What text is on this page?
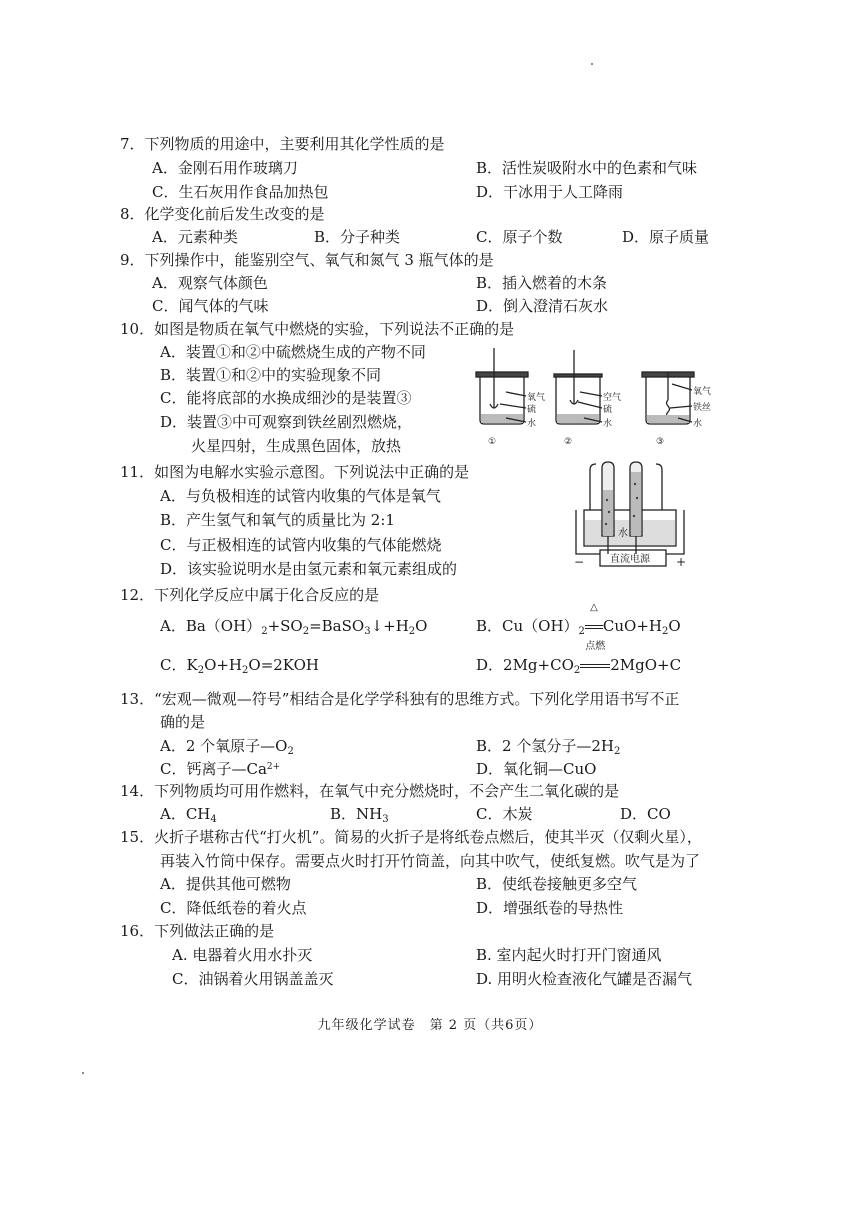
7．下列物质的用途中，主要利用其化学性质的是
A．金刚石用作玻璃刀	B．活性炭吸附水中的色素和气味
C．生石灰用作食品加热包	D．干冰用于人工降雨
8．化学变化前后发生改变的是
A．元素种类	B．分子种类	C．原子个数	D．原子质量
9．下列操作中，能鉴别空气、氧气和氮气 3 瓶气体的是
A．观察气体颜色	B．插入燃着的木条
C．闻气体的气味	D．倒入澄清石灰水
10．如图是物质在氧气中燃烧的实验，下列说法不正确的是
A．装置①和②中硫燃烧生成的产物不同
B．装置①和②中的实验现象不同
C．能将底部的水换成细沙的是装置③
D．装置③中可观察到铁丝剧烈燃烧，
火星四射，生成黑色固体，放热
氧气
硫
水
空气
硫
水
氧气
铁丝
水
①	②	③
11．如图为电解水实验示意图。下列说法中正确的是
A．与负极相连的试管内收集的气体是氧气
B．产生氢气和氧气的质量比为 2:1
C．与正极相连的试管内收集的气体能燃烧
D．该实验说明水是由氢元素和氧元素组成的
水
直流电源
−	+
12．下列化学反应中属于化合反应的是
A．$Ba(OH)_2+SO_2=BaSO_3↓+H_2O$	B．$Cu(OH)_2$
△
$CuO+H_2O$
C．$K_2O+H_2O=2KOH$	D．$2Mg+CO_2$
点燃
2MgO+C
13．“宏观—微观—符号”相结合是化学学科独有的思维方式。下列化学用语书写不正
确的是
A．2 个氧原子$—O_2$	B．2 个氢分子$—2H_2$
C．钙离子$—Ca^{2+}$	D．氧化铜—CuO
14．下列物质均可用作燃料，在氧气中充分燃烧时，不会产生二氧化碳的是
A．$CH_4$	B．$NH_3$	C．木炭	D．CO
15．火折子堪称古代“打火机”。简易的火折子是将纸卷点燃后，使其半灭（仅剩火星），
再装入竹筒中保存。需要点火时打开竹筒盖，向其中吹气，使纸复燃。吹气是为了
A．提供其他可燃物	B．使纸卷接触更多空气
C．降低纸卷的着火点	D．增强纸卷的导热性
16．下列做法正确的是
A. 电器着火用水扑灭	B. 室内起火时打开门窗通风
C．油锅着火用锅盖盖灭	D. 用明火检查液化气罐是否漏气
九年级化学试卷　第 2 页（共6页）
